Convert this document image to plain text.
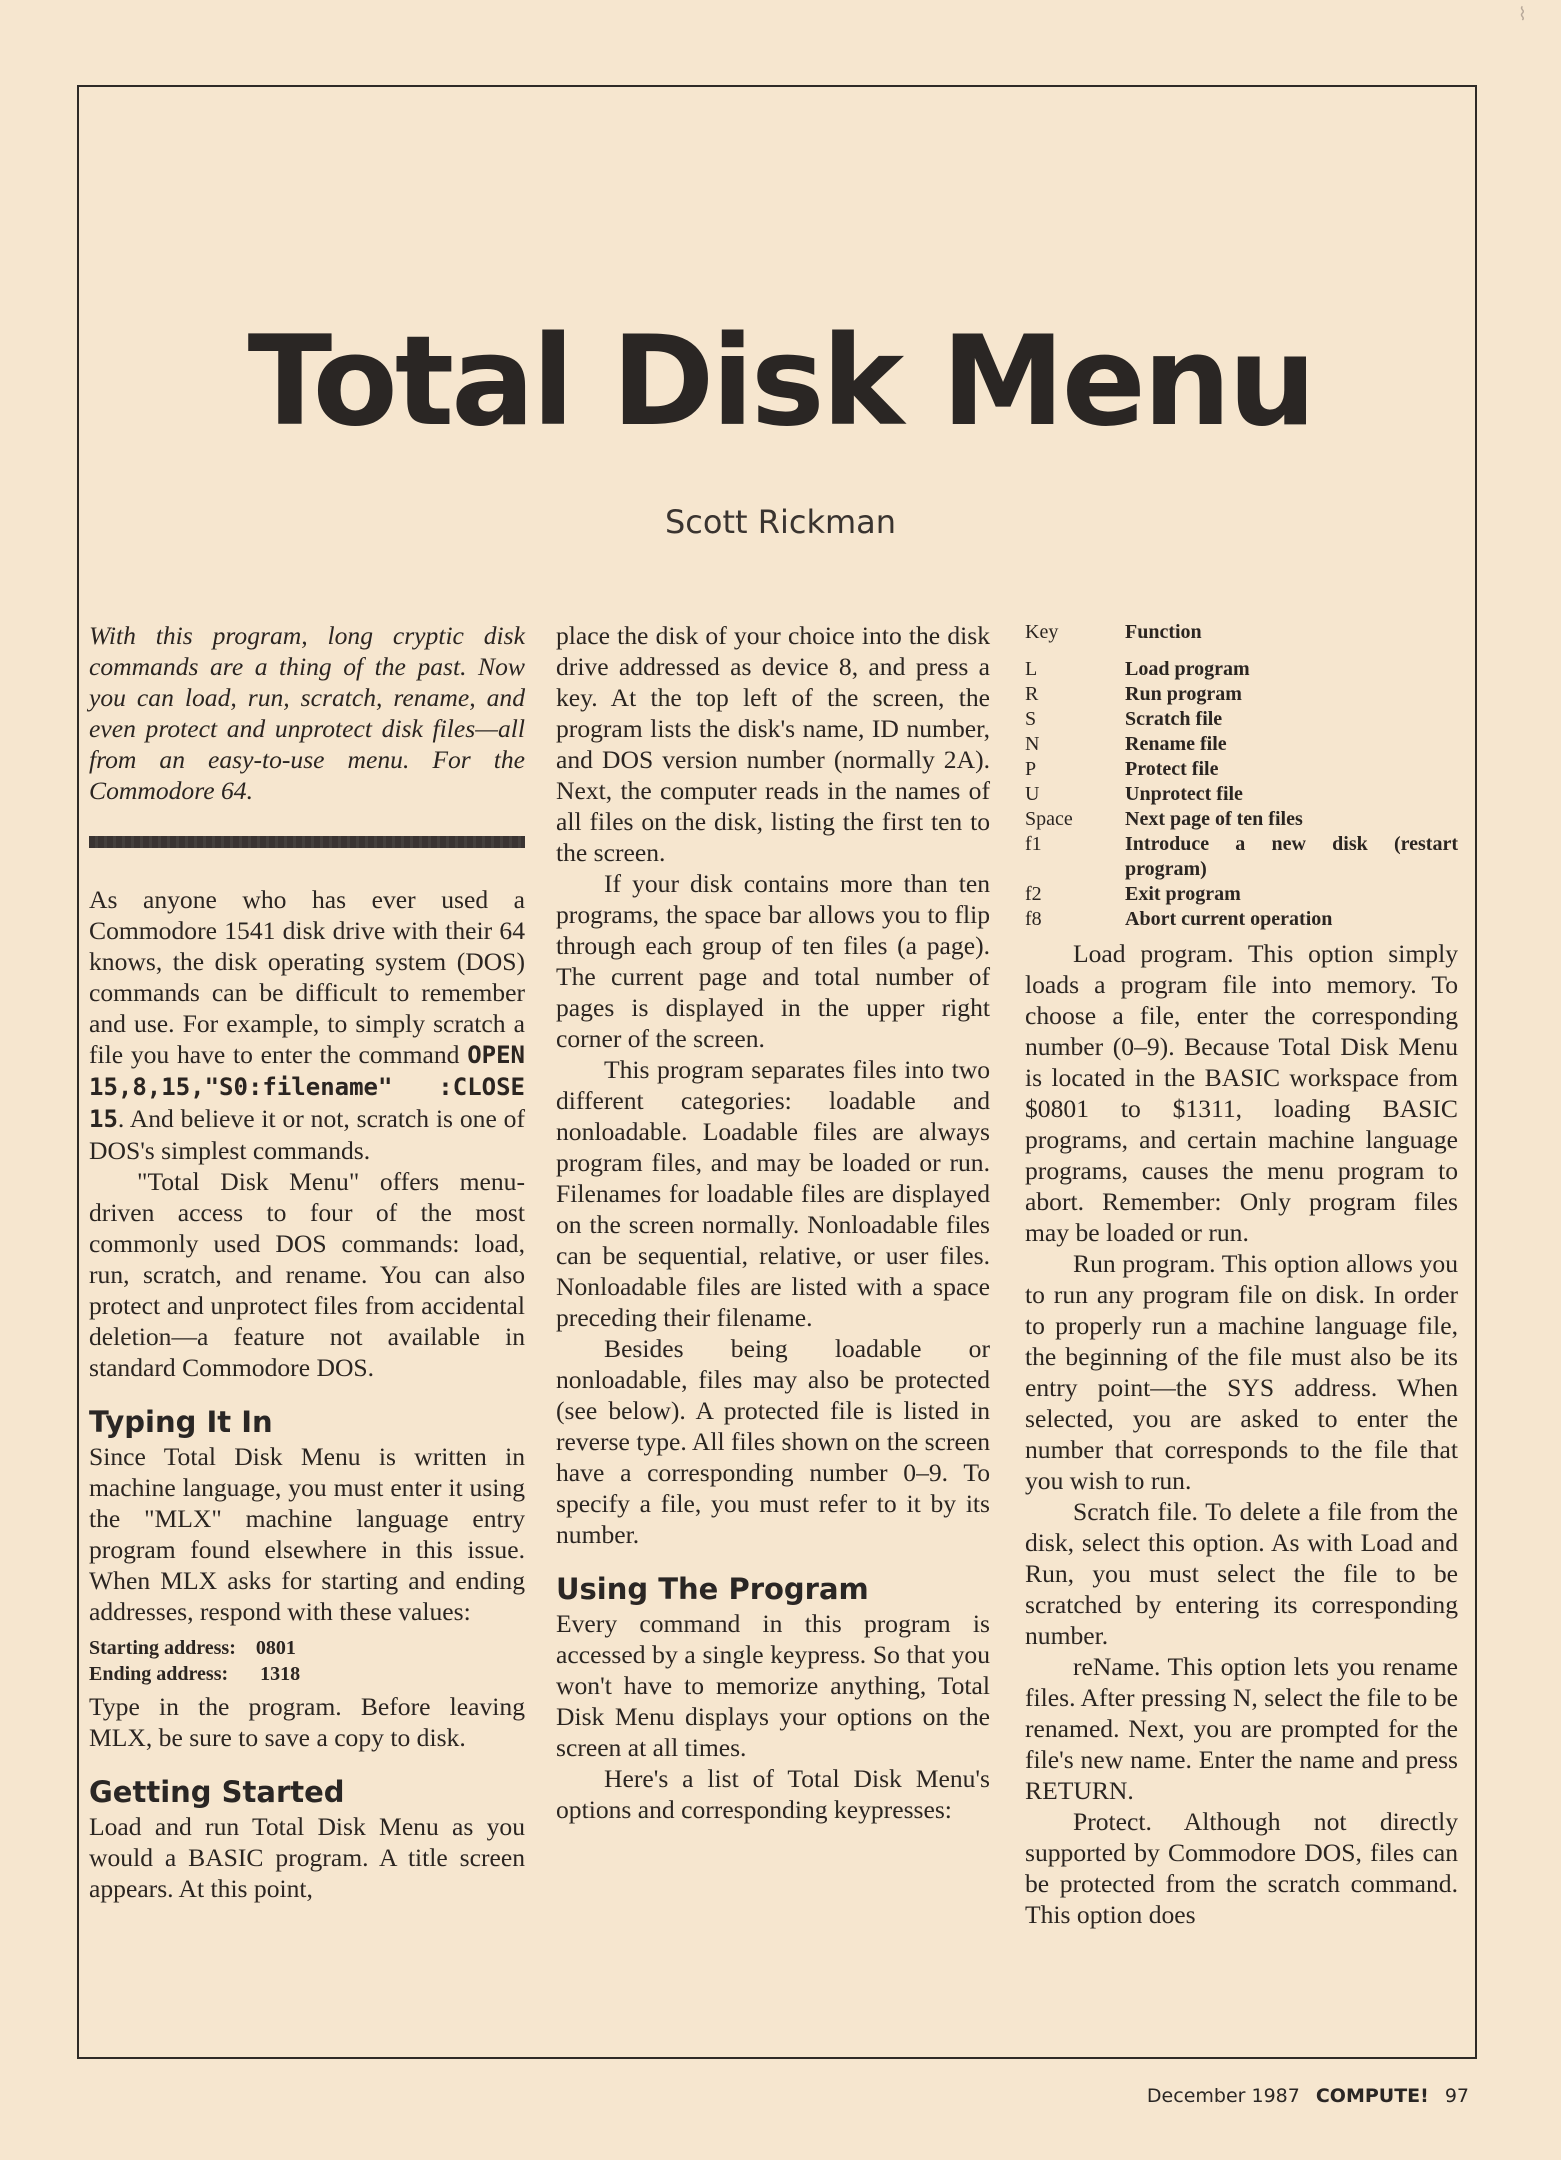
⌇
Total Disk Menu
Scott Rickman

With this program, long cryptic disk commands are a thing of the past. Now you can load, run, scratch, rename, and even protect and unprotect disk files—all from an easy-to-use menu. For the Commodore 64.

As anyone who has ever used a Commodore 1541 disk drive with their 64 knows, the disk operating system (DOS) commands can be difficult to remember and use. For example, to simply scratch a file you have to enter the command OPEN 15,8,15,"S0:filename" :CLOSE 15. And believe it or not, scratch is one of DOS's simplest commands.

"Total Disk Menu" offers menu-driven access to four of the most commonly used DOS commands: load, run, scratch, and rename. You can also protect and unprotect files from accidental deletion—a feature not available in standard Commodore DOS.

Typing It In

Since Total Disk Menu is written in machine language, you must enter it using the "MLX" machine language entry program found elsewhere in this issue. When MLX asks for starting and ending addresses, respond with these values:

Starting address: 0801
Ending address: 1318

Type in the program. Before leaving MLX, be sure to save a copy to disk.

Getting Started

Load and run Total Disk Menu as you would a BASIC program. A title screen appears. At this point,

place the disk of your choice into the disk drive addressed as device 8, and press a key. At the top left of the screen, the program lists the disk's name, ID number, and DOS version number (normally 2A). Next, the computer reads in the names of all files on the disk, listing the first ten to the screen.

If your disk contains more than ten programs, the space bar allows you to flip through each group of ten files (a page). The current page and total number of pages is displayed in the upper right corner of the screen.

This program separates files into two different categories: loadable and nonloadable. Loadable files are always program files, and may be loaded or run. Filenames for loadable files are displayed on the screen normally. Nonloadable files can be sequential, relative, or user files. Nonloadable files are listed with a space preceding their filename.

Besides being loadable or nonloadable, files may also be protected (see below). A protected file is listed in reverse type. All files shown on the screen have a corresponding number 0–9. To specify a file, you must refer to it by its number.

Using The Program

Every command in this program is accessed by a single keypress. So that you won't have to memorize anything, Total Disk Menu displays your options on the screen at all times.

Here's a list of Total Disk Menu's options and corresponding keypresses:

Key	Function
L	Load program
R	Run program
S	Scratch file
N	Rename file
P	Protect file
U	Unprotect file
Space	Next page of ten files
f1	Introduce a new disk (restart program)
f2	Exit program
f8	Abort current operation

Load program. This option simply loads a program file into memory. To choose a file, enter the corresponding number (0–9). Because Total Disk Menu is located in the BASIC workspace from $0801 to $1311, loading BASIC programs, and certain machine language programs, causes the menu program to abort. Remember: Only program files may be loaded or run.

Run program. This option allows you to run any program file on disk. In order to properly run a machine language file, the beginning of the file must also be its entry point—the SYS address. When selected, you are asked to enter the number that corresponds to the file that you wish to run.

Scratch file. To delete a file from the disk, select this option. As with Load and Run, you must select the file to be scratched by entering its corresponding number.

reName. This option lets you rename files. After pressing N, select the file to be renamed. Next, you are prompted for the file's new name. Enter the name and press RETURN.

Protect. Although not directly supported by Commodore DOS, files can be protected from the scratch command. This option does

December 1987 COMPUTE! 97
